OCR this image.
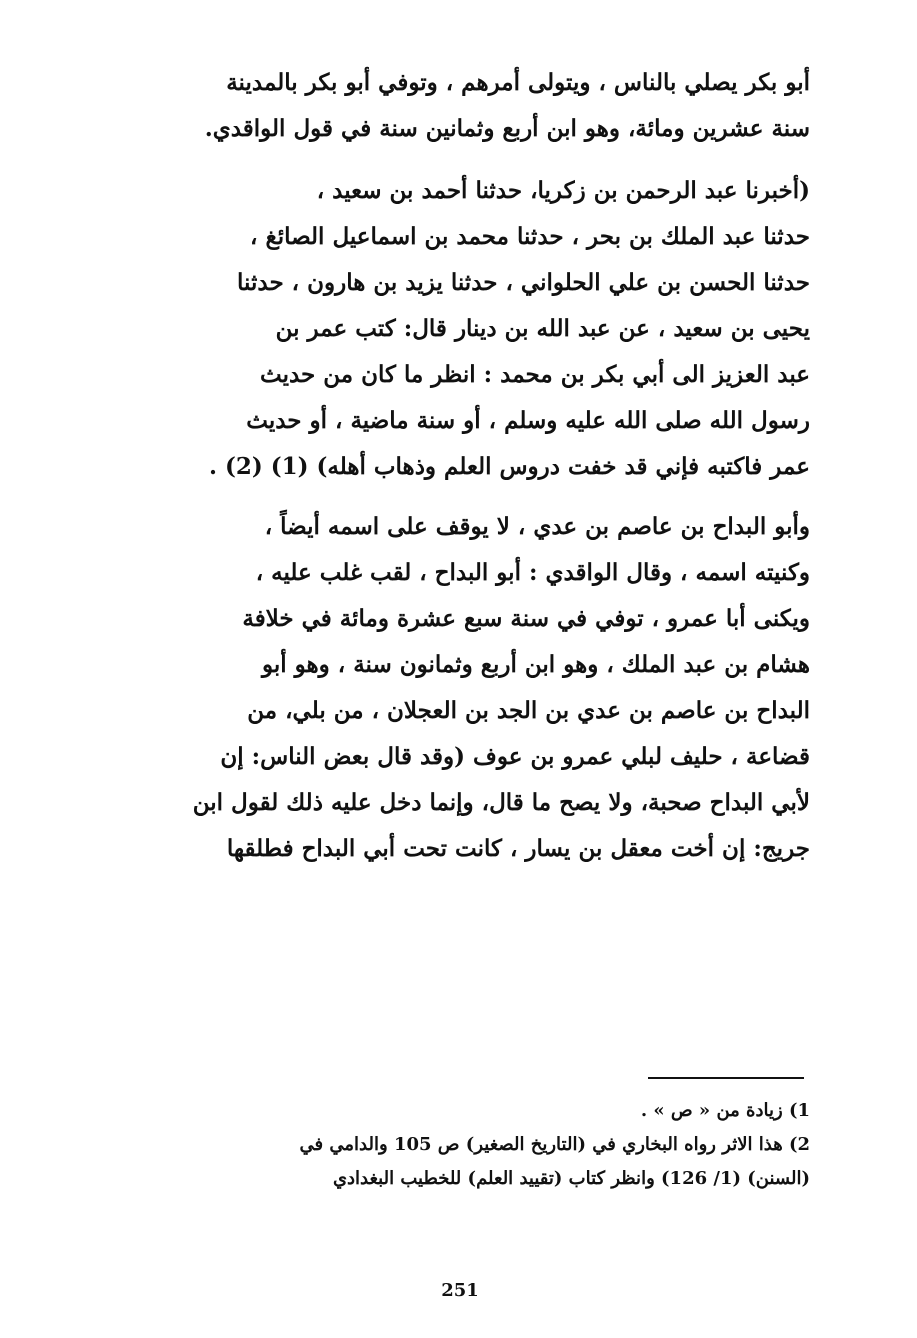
أبو بكر يصلي بالناس ، ويتولى أمرهم ، وتوفي أبو بكر بالمدينة
سنة عشرين ومائة، وهو ابن أربع وثمانين سنة في قول الواقدي.
(أخبرنا عبد الرحمن بن زكريا، حدثنا أحمد بن سعيد ،
حدثنا عبد الملك بن بحر ، حدثنا محمد بن اسماعيل الصائغ ،
حدثنا الحسن بن علي الحلواني ، حدثنا يزيد بن هارون ، حدثنا
يحيى بن سعيد ، عن عبد الله بن دينار قال: كتب عمر بن
عبد العزيز الى أبي بكر بن محمد : انظر ما كان من حديث
رسول الله صلى الله عليه وسلم ، أو سنة ماضية ، أو حديث
عمر فاكتبه فإني قد خفت دروس العلم وذهاب أهله) (1) (2) .
وأبو البداح بن عاصم بن عدي ، لا يوقف على اسمه أيضاً ،
وكنيته اسمه ، وقال الواقدي : أبو البداح ، لقب غلب عليه ،
ويكنى أبا عمرو ، توفي في سنة سبع عشرة ومائة في خلافة
هشام بن عبد الملك ، وهو ابن أربع وثمانون سنة ، وهو أبو
البداح بن عاصم بن عدي بن الجد بن العجلان ، من بلي، من
قضاعة ، حليف لبلي عمرو بن عوف (وقد قال بعض الناس: إن
لأبي البداح صحبة، ولا يصح ما قال، وإنما دخل عليه ذلك لقول ابن
جريج: إن أخت معقل بن يسار ، كانت تحت أبي البداح فطلقها
1) زيادة من « ص » .
2) هذا الاثر رواه البخاري في (التاريخ الصغير) ص 105 والدامي في
(السنن) (1/ 126) وانظر كتاب (تقييد العلم) للخطيب البغدادي
251
